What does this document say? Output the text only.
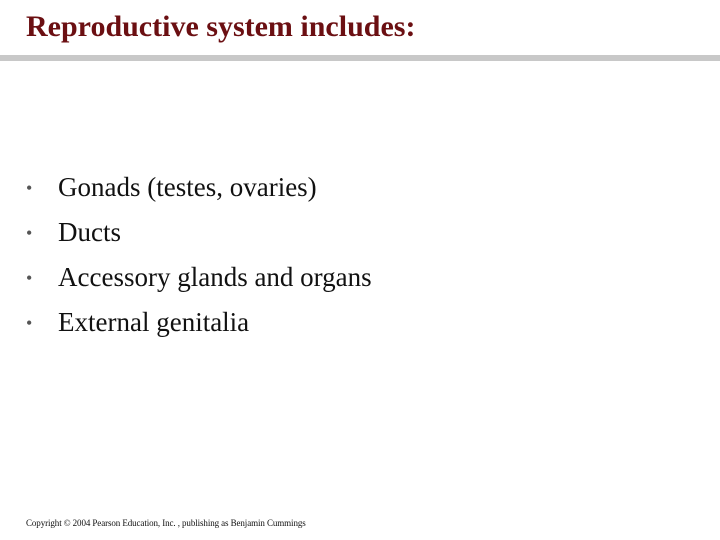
Reproductive system includes:
• Gonads (testes, ovaries)
• Ducts
• Accessory glands and organs
• External genitalia
Copyright © 2004 Pearson Education, Inc. , publishing as Benjamin Cummings
